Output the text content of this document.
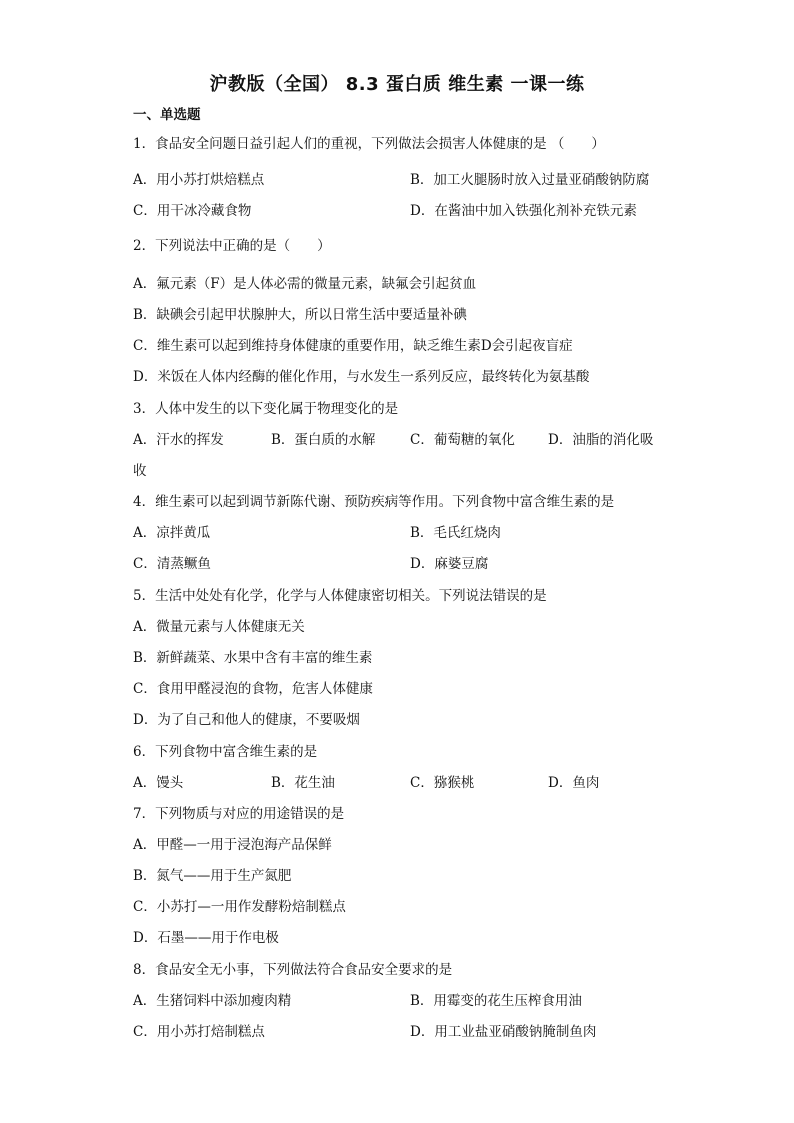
沪教版（全国） 8.3 蛋白质 维生素 一课一练
一、单选题
1．食品安全问题日益引起人们的重视，下列做法会损害人体健康的是 （　　）
A．用小苏打烘焙糕点	B．加工火腿肠时放入过量亚硝酸钠防腐
C．用干冰冷藏食物	D．在酱油中加入铁强化剂补充铁元素
2．下列说法中正确的是（　　）
A．氟元素（F）是人体必需的微量元素，缺氟会引起贫血
B．缺碘会引起甲状腺肿大，所以日常生活中要适量补碘
C．维生素可以起到维持身体健康的重要作用，缺乏维生素D会引起夜盲症
D．米饭在人体内经酶的催化作用，与水发生一系列反应，最终转化为氨基酸
3．人体中发生的以下变化属于物理变化的是
A．汗水的挥发	B．蛋白质的水解	C．葡萄糖的氧化 D．油脂的消化吸
收
4．维生素可以起到调节新陈代谢、预防疾病等作用。下列食物中富含维生素的是
A．凉拌黄瓜	B．毛氏红烧肉
C．清蒸鳜鱼	D．麻婆豆腐
5．生活中处处有化学，化学与人体健康密切相关。下列说法错误的是
A．微量元素与人体健康无关
B．新鲜蔬菜、水果中含有丰富的维生素
C．食用甲醛浸泡的食物，危害人体健康
D．为了自己和他人的健康，不要吸烟
6．下列食物中富含维生素的是
A．馒头	B．花生油	C．猕猴桃	D．鱼肉
7．下列物质与对应的用途错误的是
A．甲醛—一用于浸泡海产品保鲜
B．氮气——用于生产氮肥
C．小苏打—一用作发酵粉焙制糕点
D．石墨——用于作电极
8．食品安全无小事，下列做法符合食品安全要求的是
A．生猪饲料中添加瘦肉精	B．用霉变的花生压榨食用油
C．用小苏打焙制糕点	D．用工业盐亚硝酸钠腌制鱼肉
